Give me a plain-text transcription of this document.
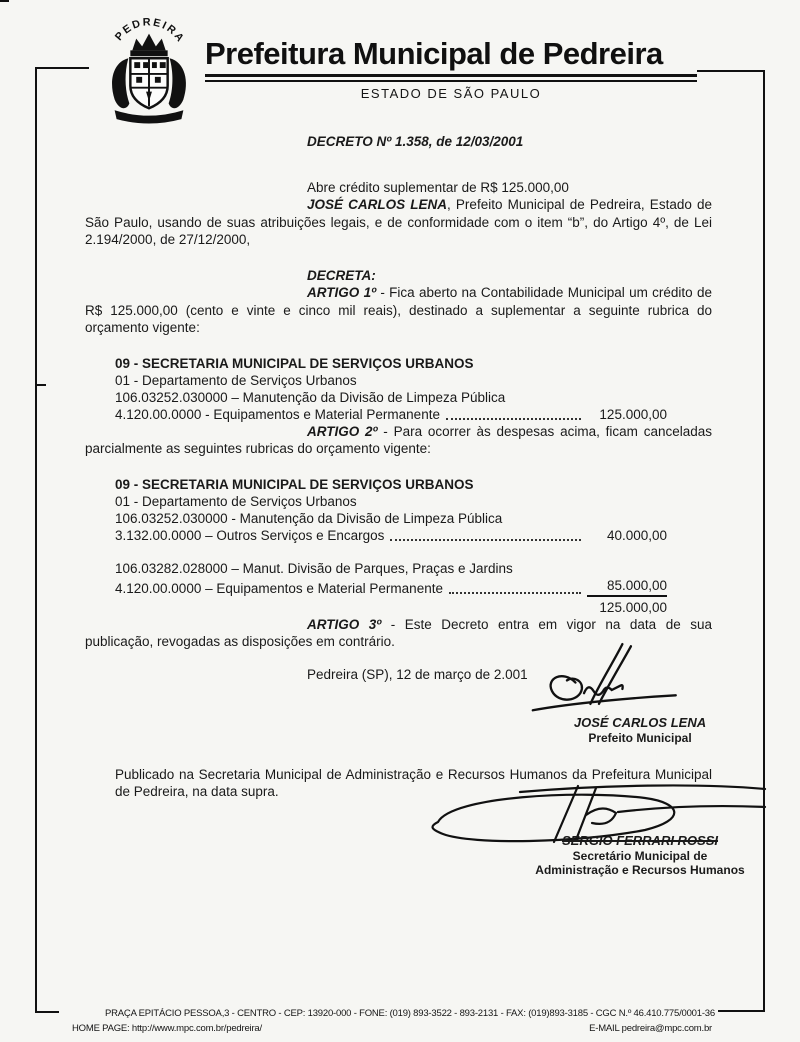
PEDREIRA Prefeitura Municipal de Pedreira
ESTADO DE SÃO PAULO
DECRETO Nº 1.358, de 12/03/2001
Abre crédito suplementar de R$ 125.000,00

JOSÉ CARLOS LENA, Prefeito Municipal de Pedreira, Estado de São Paulo, usando de suas atribuições legais, e de conformidade com o item “b”, do Artigo 4º, de Lei 2.194/2000, de 27/12/2000,

DECRETA:

ARTIGO 1º - Fica aberto na Contabilidade Municipal um crédito de R$ 125.000,00 (cento e vinte e cinco mil reais), destinado a suplementar a seguinte rubrica do orçamento vigente:

09 - SECRETARIA MUNICIPAL DE SERVIÇOS URBANOS
01 - Departamento de Serviços Urbanos
106.03252.030000 – Manutenção da Divisão de Limpeza Pública
4.120.00.0000 - Equipamentos e Material Permanente	125.000,00

ARTIGO 2º - Para ocorrer às despesas acima, ficam canceladas parcialmente as seguintes rubricas do orçamento vigente:

09 - SECRETARIA MUNICIPAL DE SERVIÇOS URBANOS
01 - Departamento de Serviços Urbanos
106.03252.030000 - Manutenção da Divisão de Limpeza Pública
3.132.00.0000 – Outros Serviços e Encargos	40.000,00
106.03282.028000 – Manut. Divisão de Parques, Praças e Jardins
4.120.00.0000 – Equipamentos e Material Permanente	85.000,00
125.000,00

ARTIGO 3º - Este Decreto entra em vigor na data de sua publicação, revogadas as disposições em contrário.

Pedreira (SP), 12 de março de 2.001
JOSÉ CARLOS LENA
Prefeito Municipal

Publicado na Secretaria Municipal de Administração e Recursos Humanos da Prefeitura Municipal de Pedreira, na data supra.

SERGIO FERRARI ROSSI
Secretário Municipal de
Administração e Recursos Humanos
PRAÇA EPITÁCIO PESSOA,3 - CENTRO - CEP: 13920-000 - FONE: (019) 893-3522 - 893-2131 - FAX: (019)893-3185 - CGC N.º 46.410.775/0001-36
HOME PAGE: http://www.mpc.com.br/pedreira/	E-MAIL pedreira@mpc.com.br
